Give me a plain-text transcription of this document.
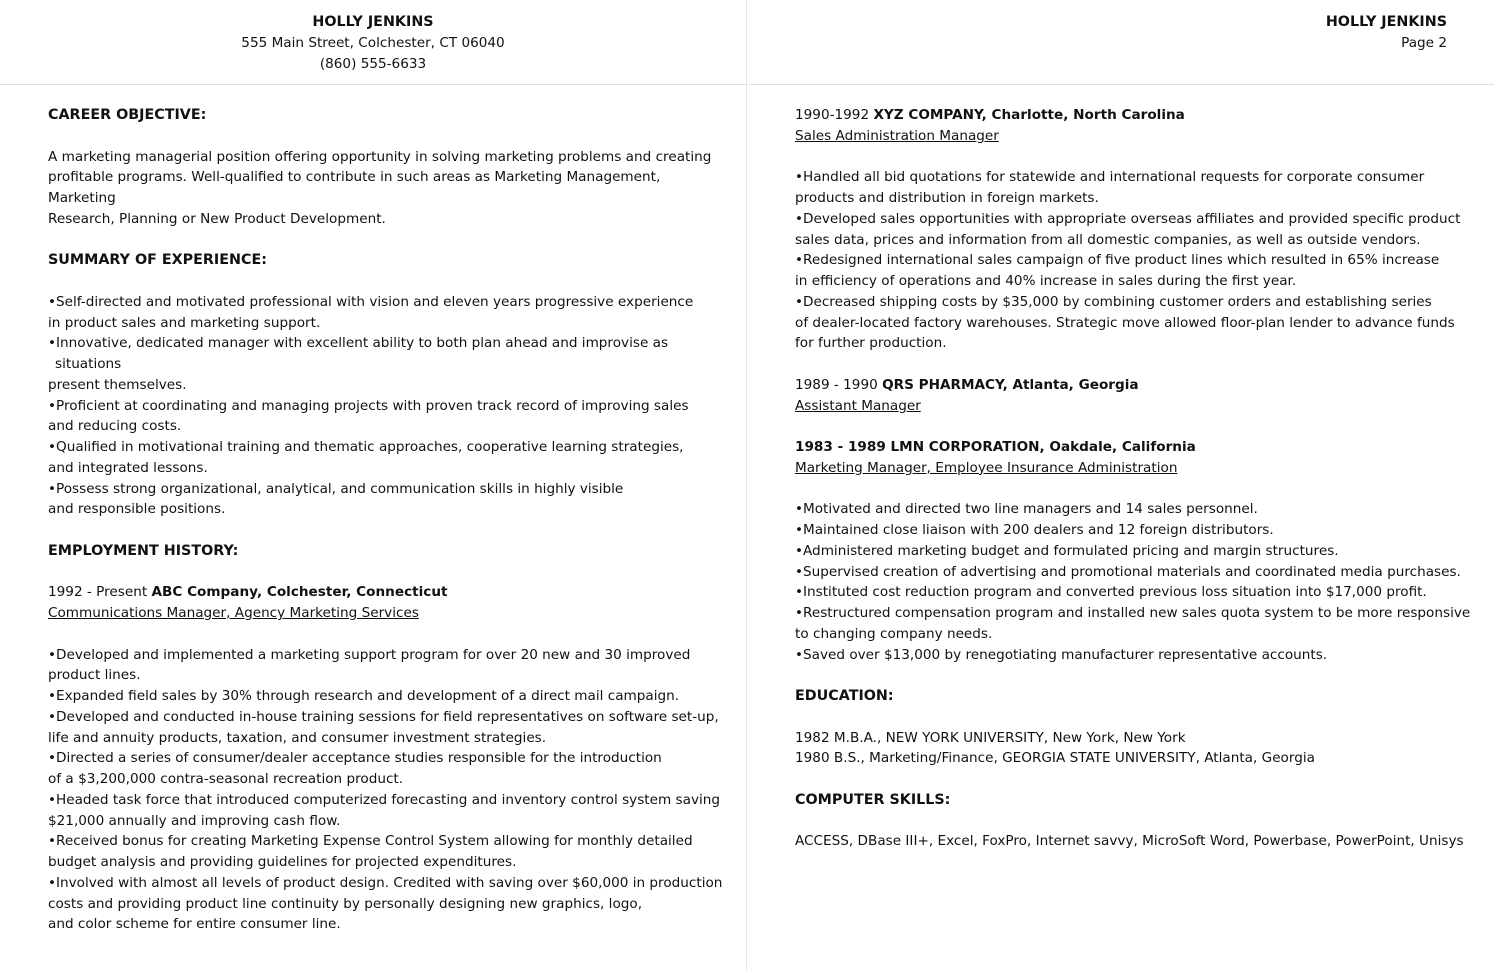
HOLLY JENKINS
555 Main Street, Colchester, CT 06040
(860) 555-6633
CAREER OBJECTIVE:

A marketing managerial position offering opportunity in solving marketing problems and creating
profitable programs. Well-qualified to contribute in such areas as Marketing Management, Marketing
Research, Planning or New Product Development.

SUMMARY OF EXPERIENCE:
•Self-directed and motivated professional with vision and eleven years progressive experience
in product sales and marketing support.
•Innovative, dedicated manager with excellent ability to both plan ahead and improvise as situations
present themselves.
•Proficient at coordinating and managing projects with proven track record of improving sales
and reducing costs.
•Qualified in motivational training and thematic approaches, cooperative learning strategies,
and integrated lessons.
•Possess strong organizational, analytical, and communication skills in highly visible
and responsible positions.
EMPLOYMENT HISTORY:
1992 - Present ABC Company, Colchester, Connecticut
Communications Manager, Agency Marketing Services
•Developed and implemented a marketing support program for over 20 new and 30 improved
product lines.
•Expanded field sales by 30% through research and development of a direct mail campaign.
•Developed and conducted in-house training sessions for field representatives on software set-up,
life and annuity products, taxation, and consumer investment strategies.
•Directed a series of consumer/dealer acceptance studies responsible for the introduction
of a $3,200,000 contra-seasonal recreation product.
•Headed task force that introduced computerized forecasting and inventory control system saving
$21,000 annually and improving cash flow.
•Received bonus for creating Marketing Expense Control System allowing for monthly detailed
budget analysis and providing guidelines for projected expenditures.
•Involved with almost all levels of product design. Credited with saving over $60,000 in production
costs and providing product line continuity by personally designing new graphics, logo,
and color scheme for entire consumer line.
HOLLY JENKINS
Page 2
1990-1992 XYZ COMPANY, Charlotte, North Carolina
Sales Administration Manager
•Handled all bid quotations for statewide and international requests for corporate consumer
products and distribution in foreign markets.
•Developed sales opportunities with appropriate overseas affiliates and provided specific product
sales data, prices and information from all domestic companies, as well as outside vendors.
•Redesigned international sales campaign of five product lines which resulted in 65% increase
in efficiency of operations and 40% increase in sales during the first year.
•Decreased shipping costs by $35,000 by combining customer orders and establishing series
of dealer-located factory warehouses. Strategic move allowed floor-plan lender to advance funds
for further production.
1989 - 1990 QRS PHARMACY, Atlanta, Georgia
Assistant Manager
1983 - 1989 LMN CORPORATION, Oakdale, California
Marketing Manager, Employee Insurance Administration
•Motivated and directed two line managers and 14 sales personnel.
•Maintained close liaison with 200 dealers and 12 foreign distributors.
•Administered marketing budget and formulated pricing and margin structures.
•Supervised creation of advertising and promotional materials and coordinated media purchases.
•Instituted cost reduction program and converted previous loss situation into $17,000 profit.
•Restructured compensation program and installed new sales quota system to be more responsive
to changing company needs.
•Saved over $13,000 by renegotiating manufacturer representative accounts.
EDUCATION:

1982 M.B.A., NEW YORK UNIVERSITY, New York, New York
1980 B.S., Marketing/Finance, GEORGIA STATE UNIVERSITY, Atlanta, Georgia

COMPUTER SKILLS:

ACCESS, DBase III+, Excel, FoxPro, Internet savvy, MicroSoft Word, Powerbase, PowerPoint, Unisys
